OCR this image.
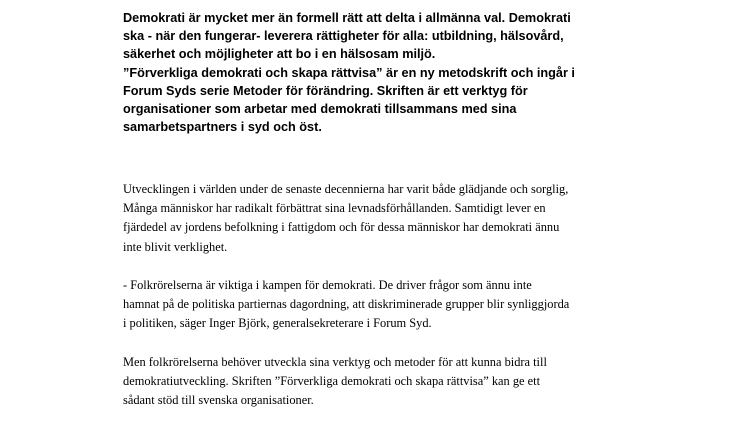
Demokrati är mycket mer än formell rätt att delta i allmänna val. Demokrati
ska - när den fungerar- leverera rättigheter för alla: utbildning, hälsovård,
säkerhet och möjligheter att bo i en hälsosam miljö.

”Förverkliga demokrati och skapa rättvisa” är en ny metodskrift och ingår i
Forum Syds serie Metoder för förändring. Skriften är ett verktyg för
organisationer som arbetar med demokrati tillsammans med sina
samarbetspartners i syd och öst.

Utvecklingen i världen under de senaste decennierna har varit både glädjande och sorglig,
Många människor har radikalt förbättrat sina levnadsförhållanden. Samtidigt lever en
fjärdedel av jordens befolkning i fattigdom och för dessa människor har demokrati ännu
inte blivit verklighet.

- Folkrörelserna är viktiga i kampen för demokrati. De driver frågor som ännu inte
hamnat på de politiska partiernas dagordning, att diskriminerade grupper blir synliggjorda
i politiken, säger Inger Björk, generalsekreterare i Forum Syd.

Men folkrörelserna behöver utveckla sina verktyg och metoder för att kunna bidra till
demokratiutveckling. Skriften ”Förverkliga demokrati och skapa rättvisa” kan ge ett
sådant stöd till svenska organisationer.
